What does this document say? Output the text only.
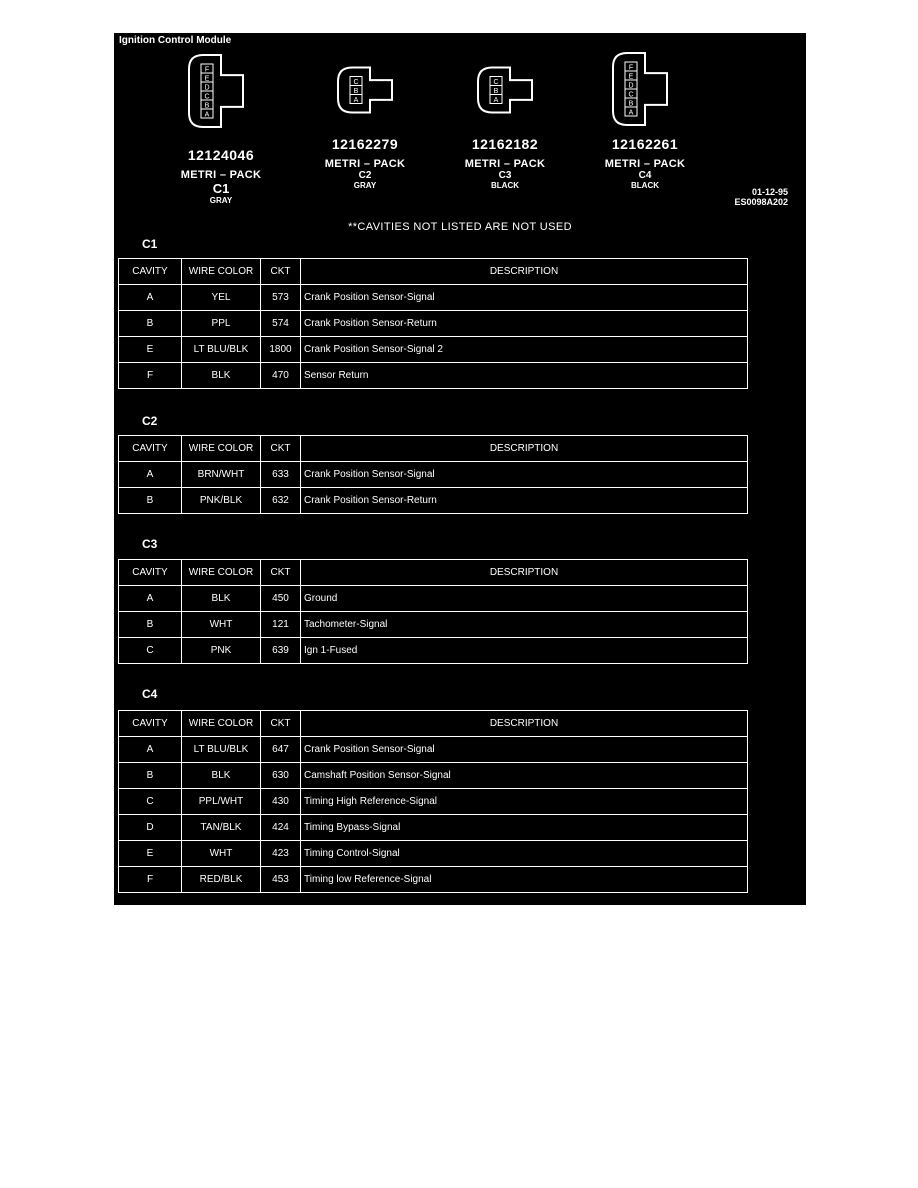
Ignition Control Module
F
E
D
C
B
A
12124046
METRI – PACK
C1
GRAY
C
B
A
12162279
METRI – PACK
C2
GRAY
C
B
A
12162182
METRI – PACK
C3
BLACK
F
E
D
C
B
A
12162261
METRI – PACK
C4
BLACK
01-12-95
ES0098A202
**CAVITIES NOT LISTED ARE NOT USED
C1
CAVITY	WIRE COLOR	CKT	DESCRIPTION
A	YEL	573	Crank Position Sensor-Signal
B	PPL	574	Crank Position Sensor-Return
E	LT BLU/BLK	1800	Crank Position Sensor-Signal 2
F	BLK	470	Sensor Return
C2
CAVITY	WIRE COLOR	CKT	DESCRIPTION
A	BRN/WHT	633	Crank Position Sensor-Signal
B	PNK/BLK	632	Crank Position Sensor-Return
C3
CAVITY	WIRE COLOR	CKT	DESCRIPTION
A	BLK	450	Ground
B	WHT	121	Tachometer-Signal
C	PNK	639	Ign 1-Fused
C4
CAVITY	WIRE COLOR	CKT	DESCRIPTION
A	LT BLU/BLK	647	Crank Position Sensor-Signal
B	BLK	630	Camshaft Position Sensor-Signal
C	PPL/WHT	430	Timing High Reference-Signal
D	TAN/BLK	424	Timing Bypass-Signal
E	WHT	423	Timing Control-Signal
F	RED/BLK	453	Timing low Reference-Signal
